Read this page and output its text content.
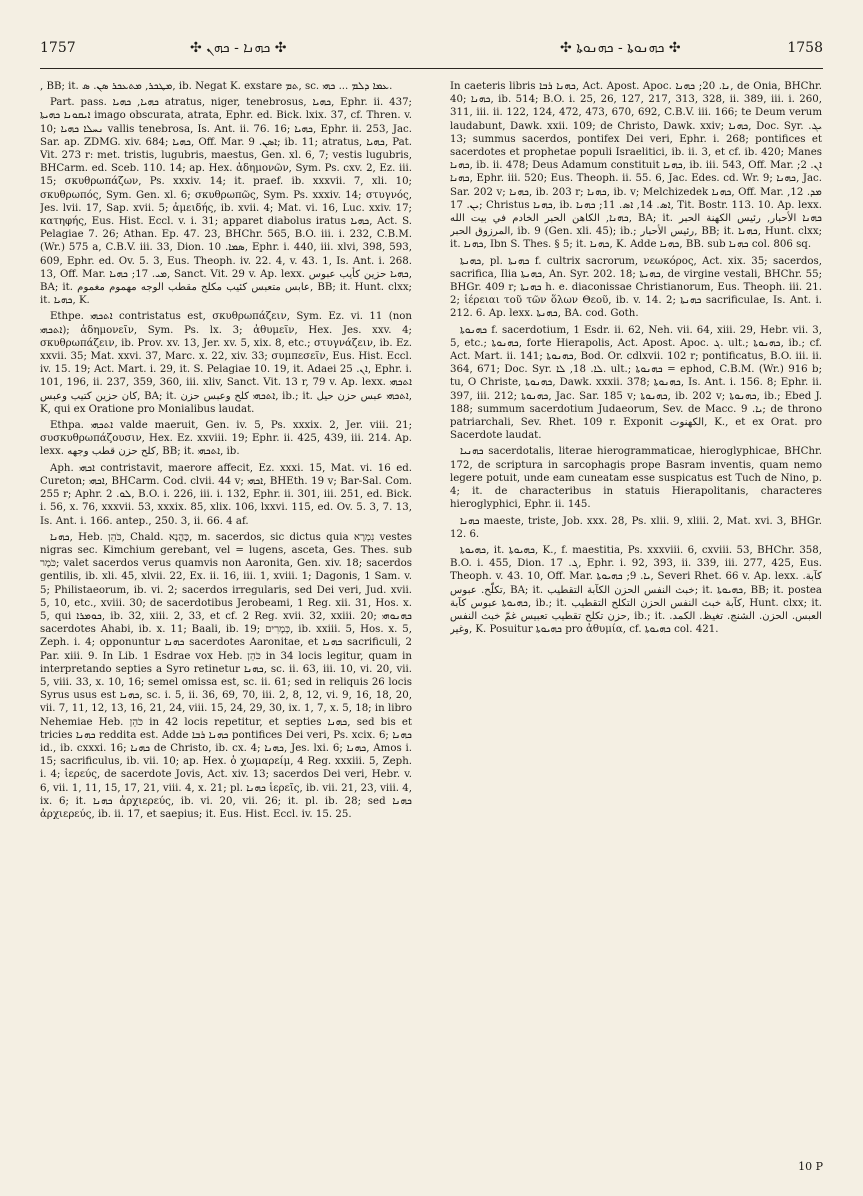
1757	✣ ܟܗܢܐ - ܟܗܢ ✣	✣ ܟܗܢܘܬܐ - ܟܗܢܘܬܐ ✣	1758

, BB; it. ܡܛܟܪ, ܡܬܥܟܪ ܣܢ. ܣ, ib. Negat K. exstare ܬܡ, sc. ܥܡܐ ܕܠܡ ... ܟܗܝ.

Part. pass. ܟܗܝܐ, ܟܗܝܐ atratus, niger, tenebrosus, ܟܗܝܐ, Ephr. ii. 437; ܐܝܩܘܢܐ ܟܗܝܬܐ imago obscurata, atrata, Ephr. ed. Bick. lxix. 37, cf. Thren. v. 10; ܢܚܠܐ ܟܗܝܐ vallis tenebrosa, Is. Ant. ii. 76. 16; ܟܗܝܐ, Ephr. ii. 253, Jac. Sar. ap. ZDMG. xiv. 684; ܟܗܝܐ, Off. Mar. ܐܣܢ. 9; ib. 11; atratus, ܟܗܝܐ, Pat. Vit. 273 r: met. tristis, lugubris, maestus, Gen. xl. 6, 7; vestis lugubris, BHCarm. ed. Sceb. 110. 14; ap. Hex. ἀδημονῶν, Sym. Ps. cxv. 2, Ez. iii. 15; σκυθρωπάζων, Ps. xxxiv. 14; it. praef. ib. xxxvii. 7, xli. 10; σκυθρωπός, Sym. Gen. xl. 6; σκυθρωπῶς, Sym. Ps. xxxiv. 14; στυγνός, Jes. lvii. 17, Sap. xvii. 5; ἀμειδής, ib. xvii. 4; Mat. vi. 16, Luc. xxiv. 17; κατηφής, Eus. Hist. Eccl. v. i. 31; apparet diabolus iratus ܟܗܝܐ, Act. S. Pelagiae 7. 26; Athan. Ep. 47. 23, BHChr. 565, B.O. iii. i. 232, C.B.M. (Wr.) 575 a, C.B.V. iii. 33, Dion. ܣܡܐ. 10, Ephr. i. 440, iii. xlvi, 398, 593, 609, Ephr. ed. Ov. 5. 3, Eus. Theoph. iv. 22. 4, v. 43. 1, Is. Ant. i. 268. 13, Off. Mar. ܡܝ. 17; ܟܗܝܐ, Sanct. Vit. 29 v. Ap. lexx. ܟܗܝܐ حزين كأيب عبوس, BA; it. عابس متعبس كئيب مكلح مقطب الوجه مهموم مغموم, BB; it. Hunt. clxx; it. ܟܗܝܐ, K.

Ethpe. ܐܬܟܗܝ contristatus est, σκυθρωπάζειν, Sym. Ez. vi. 11 (non ܐܬܟܗܝ); ἀδημονεῖν, Sym. Ps. lx. 3; ἀθυμεῖν, Hex. Jes. xxv. 4; σκυθρωπάζειν, ib. Prov. xv. 13, Jer. xv. 5, xix. 8, etc.; στυγνάζειν, ib. Ez. xxvii. 35; Mat. xxvi. 37, Marc. x. 22, xiv. 33; συμπεσεῖν, Eus. Hist. Eccl. iv. 15. 19; Act. Mart. i. 29, it. S. Pelagiae 10. 19, it. Adaei ܐܢ. 25, Ephr. i. 101, 196, ii. 237, 359, 360, iii. xliv, Sanct. Vit. 13 r, 79 v. Ap. lexx. ܐܬܟܗܝ كان حزين كتيب وعبس, BA; it. ܐܬܟܗܝ كلح وعبس حزن, ib.; it. ܐܬܟܗܝ عبس حزن حيل, K, qui ex Oratione pro Monialibus laudat.

Ethpa. ܐܬܟܗܝ valde maeruit, Gen. iv. 5, Ps. xxxix. 2, Jer. viii. 21; συσκυθρωπάζουσιν, Hex. Ez. xxviii. 19; Ephr. ii. 425, 439, iii. 214. Ap. lexx. كلح حزن قطب وجهه, BB; it. ܐܬܟܗܝ, ib.

Aph. ܐܟܗܝ contristavit, maerore affecit, Ez. xxxi. 15, Mat. vi. 16 ed. Cureton; ܐܟܗܝ, BHCarm. Cod. clvii. 44 v; ܐܟܗܝ, BHEth. 19 v; Bar-Sal. Com. 255 r; Aphr. ܠܘ. 2, B.O. i. 226, iii. i. 132, Ephr. ii. 301, iii. 251, ed. Bick. i. 56, x. 76, xxxvii. 53, xxxix. 85, xlix. 106, lxxvi. 115, ed. Ov. 5. 3, 7. 13, Is. Ant. i. 166. antep., 250. 3, ii. 66. 4 af.

ܟܗܢܐ, Heb. כֹּהֵן, Chald. כָּהֲנָא, m. sacerdos, sic dictus quia נִמְרָא vestes nigras sec. Kimchium gerebant, vel = lugens, asceta, Ges. Thes. sub כֹּמֶר; valet sacerdos verus quamvis non Aaronita, Gen. xiv. 18; sacerdos gentilis, ib. xli. 45, xlvii. 22, Ex. ii. 16, iii. 1, xviii. 1; Dagonis, 1 Sam. v. 5; Philistaeorum, ib. vi. 2; sacerdos irregularis, sed Dei veri, Jud. xvii. 5, 10, etc., xviii. 30; de sacerdotibus Jerobeami, 1 Reg. xii. 31, Hos. x. 5, qui ܟܘܡܪܐ, ib. 32, xiii. 2, 33, et cf. 2 Reg. xvii. 32, xxiii. 20; ܟܗܢܘܗܝ sacerdotes Ahabi, ib. x. 11; Baali, ib. 19; כְּמָרִים, ib. xxiii. 5, Hos. x. 5, Zeph. i. 4; opponuntur ܟܗܢܐ sacerdotes Aaronitae, et ܟܗܢܐ sacrificuli, 2 Par. xiii. 9. In Lib. 1 Esdrae vox Heb. כֹּהֵן in 34 locis legitur, quam in interpretando septies a Syro retinetur ܟܗܢܐ, sc. ii. 63, iii. 10, vi. 20, vii. 5, viii. 33, x. 10, 16; semel omissa est, sc. ii. 61; sed in reliquis 26 locis Syrus usus est ܟܗܢܐ, sc. i. 5, ii. 36, 69, 70, iii. 2, 8, 12, vi. 9, 16, 18, 20, vii. 7, 11, 12, 13, 16, 21, 24, viii. 15, 24, 29, 30, ix. 1, 7, x. 5, 18; in libro Nehemiae Heb. כֹּהֵן in 42 locis repetitur, et septies ܟܗܢܐ, sed bis et tricies ܟܗܢܐ reddita est. Adde ܟܗܢܐ ܪܒܐ pontifices Dei veri, Ps. xcix. 6; ܟܗܢܐ id., ib. cxxxi. 16; ܟܗܢܐ de Christo, ib. cx. 4; ܟܗܢܐ, Jes. lxi. 6; ܟܗܢܐ, Amos i. 15; sacrificulus, ib. vii. 10; ap. Hex. ὁ χωμαρείμ, 4 Reg. xxxiii. 5, Zeph. i. 4; ἱερεύς, de sacerdote Jovis, Act. xiv. 13; sacerdos Dei veri, Hebr. v. 6, vii. 1, 11, 15, 17, 21, viii. 4, x. 21; pl. ܟܗܢܐ ἱερεῖς, ib. vii. 21, 23, viii. 4, ix. 6; it. ܟܗܢܐ ἀρχιερεύς, ib. vi. 20, vii. 26; it. pl. ib. 28; sed ܟܗܢܐ ἀρχιερεύς, ib. ii. 17, et saepius; it. Eus. Hist. Eccl. iv. 15. 25.

In caeteris libris ܟܗܢܐ ܪܒܐ, Act. Apost. Apoc. ܢܐ. 20; ܟܗܢܐ, de Onia, BHChr. 40; ܟܗܢܐ, ib. 514; B.O. i. 25, 26, 127, 217, 313, 328, ii. 389, iii. i. 260, 311, iii. ii. 122, 124, 472, 473, 670, 692, C.B.V. iii. 166; te Deum verum laudabunt, Dawk. xxii. 109; de Christo, Dawk. xxiv; ܟܗܢܐ, Doc. Syr. ܝܓ. 13; summus sacerdos, pontifex Dei veri, Ephr. i. 268; pontifices et sacerdotes et prophetae populi Israelitici, ib. ii. 3, et cf. ib. 420; Manes ܟܗܢܐ, ib. ii. 478; Deus Adamum constituit ܟܗܢܐ, ib. iii. 543, Off. Mar. ܐܢ. 2; ܟܗܢܐ, Ephr. iii. 520; Eus. Theoph. ii. 55. 6, Jac. Edes. cd. Wr. 9; ܟܗܢܐ, Jac. Sar. 202 v; ܟܗܢܐ, ib. 203 r; ܟܗܢܐ, ib. v; Melchizedek ܟܗܢܐ, Off. Mar. ܡܕ. 12, ܝܢ. 17; Christus ܟܗܢܐ, ib. ܐܣ. 14, ܐܣ. 11; ܟܗܢܐ, Tit. Bostr. 113. 10. Ap. lexx. ܟܗܢܐ, الكاهن الحبر الخادم في بيت الله, BA; it. ܟܗܢܐ الأحبار, رئيس الكهنة الحبر المرزوق الحبر, ib. 9 (Gen. xli. 45); ib.; رئيس الأحبار, BB; it. ܟܗܢܐ, Hunt. clxx; it. ܟܗܢܐ, Ibn S. Thes. § 5; it. ܟܗܢܐ, K. Adde ܟܗܢܐ, BB. sub ܟܗܢܐ col. 806 sq.

ܟܗܢܬܐ, pl. ܟܗܢܬܐ f. cultrix sacrorum, νεωκόρος, Act. xix. 35; sacerdos, sacrifica, Ilia ܟܗܢܬܐ, An. Syr. 202. 18; ܟܗܢܬܐ, de virgine vestali, BHChr. 55; BHGr. 409 r; ܟܗܢܬܐ h. e. diaconissae Christianorum, Eus. Theoph. iii. 21. 2; ἱέρειαι τοῦ τῶν ὅλων Θεοῦ, ib. v. 14. 2; ܟܗܢܬܐ sacrificulae, Is. Ant. i. 212. 6. Ap. lexx. ܟܗܢܬܐ, BA. cod. Goth.

ܟܗܢܘܬܐ f. sacerdotium, 1 Esdr. ii. 62, Neh. vii. 64, xiii. 29, Hebr. vii. 3, 5, etc.; ܟܗܢܘܬܐ, forte Hierapolis, Act. Apost. Apoc. ܓ. ult.; ܟܗܢܘܬܐ, ib.; cf. Act. Mart. ii. 141; ܟܗܢܘܬܐ, Bod. Or. cdlxvii. 102 r; pontificatus, B.O. iii. ii. 364, 671; Doc. Syr. ܠܐ. 18, ܠܐ. ult.; ܟܗܢܘܬܐ = ephod, C.B.M. (Wr.) 916 b; tu, O Christe, ܟܗܢܘܬܐ, Dawk. xxxii. 378; ܟܗܢܘܬܐ, Is. Ant. i. 156. 8; Ephr. ii. 397, iii. 212; ܟܗܢܘܬܐ, Jac. Sar. 185 v; ܟܗܢܘܬܐ, ib. 202 v; ܟܗܢܘܬܐ, ib.; Ebed J. 188; summum sacerdotium Judaeorum, Sev. de Macc. ܝܐ. 9; de throno patriarchali, Sev. Rhet. 109 r. Exponit الكهنوت, K., et ex Orat. pro Sacerdote laudat.

ܟܗܢܝܐ sacerdotalis, literae hierogrammaticae, hieroglyphicae, BHChr. 172, de scriptura in sarcophagis prope Basram inventis, quam nemo legere potuit, unde eam cuneatam esse suspicatus est Tuch de Nino, p. 4; it. de characteribus in statuis Hierapolitanis, characteres hieroglyphici, Ephr. ii. 145.

ܟܗܢܐ maeste, triste, Job. xxx. 28, Ps. xlii. 9, xliii. 2, Mat. xvi. 3, BHGr. 12. 6.

ܟܗܝܘܬܐ, it. ܟܗܝܘܬܐ, K., f. maestitia, Ps. xxxviii. 6, cxviii. 53, BHChr. 358, B.O. i. 455, Dion. ܓ. 17, Ephr. i. 92, 393, ii. 339, iii. 277, 425, Eus. Theoph. v. 43. 10, Off. Mar. ܝܐ. 9; ܟܗܝܘܬܐ, Severi Rhet. 66 v. Ap. lexx. كآبة. تكلّح. عبوس, BA; it. خبث النفس الحزن الكآبة التقطيب; it. ܟܗܝܘܬܐ, BB; it. postea ܟܗܝܘܬܐ عبوس كآبة, ib.; it. كآبة خبث النفس الحزن التكلح التقطيب, Hunt. clxx; it. حزن تكلح تقطيب تعبيس غمّ خبث النفس, ib.; it. العبس. الحزن. الشنج. تغيظ. الكمد. وغير, K. Posuitur ܟܗܝܘܬܐ pro ἀθυμία, cf. ܟܗܝܘܬܐ col. 421.

10 P
